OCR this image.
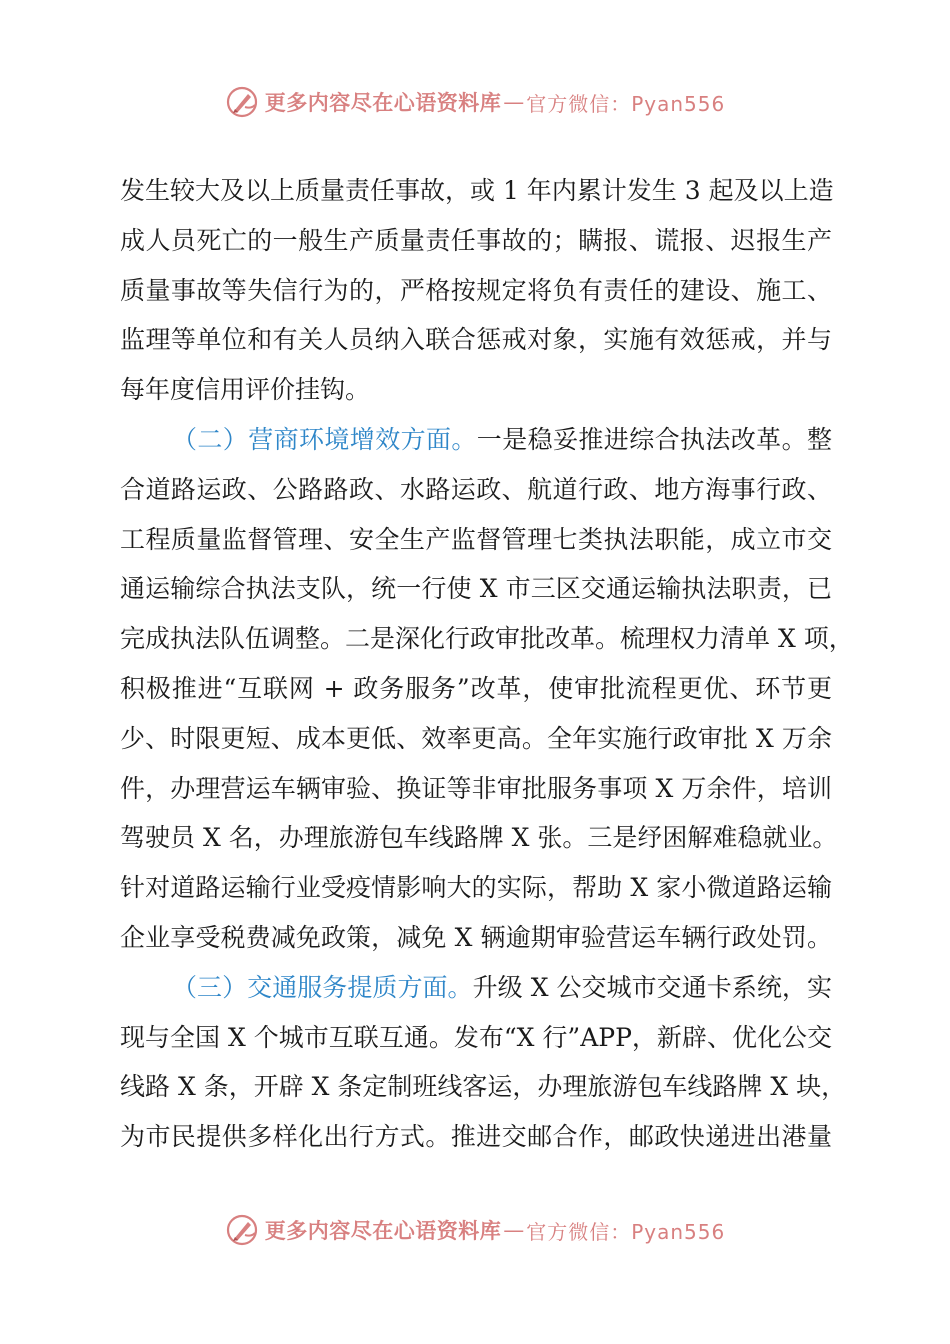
更多内容尽在心语资料库 — 官方微信：Pyan556
发生较大及以上质量责任事故，或 1 年内累计发生 3 起及以上造
成人员死亡的一般生产质量责任事故的；瞒报、谎报、迟报生产
质量事故等失信行为的，严格按规定将负有责任的建设、施工、
监理等单位和有关人员纳入联合惩戒对象，实施有效惩戒，并与
每年度信用评价挂钩。
（二）营商环境增效方面。一是稳妥推进综合执法改革。整
合道路运政、公路路政、水路运政、航道行政、地方海事行政、
工程质量监督管理、安全生产监督管理七类执法职能，成立市交
通运输综合执法支队，统一行使 X 市三区交通运输执法职责，已
完成执法队伍调整。二是深化行政审批改革。梳理权力清单 X 项，
积极推进“互联网 + 政务服务”改革，使审批流程更优、环节更
少、时限更短、成本更低、效率更高。全年实施行政审批 X 万余
件，办理营运车辆审验、换证等非审批服务事项 X 万余件，培训
驾驶员 X 名，办理旅游包车线路牌 X 张。三是纾困解难稳就业。
针对道路运输行业受疫情影响大的实际，帮助 X 家小微道路运输
企业享受税费减免政策，减免 X 辆逾期审验营运车辆行政处罚。
（三）交通服务提质方面。升级 X 公交城市交通卡系统，实
现与全国 X 个城市互联互通。发布“X 行”APP，新辟、优化公交
线路 X 条，开辟 X 条定制班线客运，办理旅游包车线路牌 X 块，
为市民提供多样化出行方式。推进交邮合作，邮政快递进出港量
更多内容尽在心语资料库 — 官方微信：Pyan556
